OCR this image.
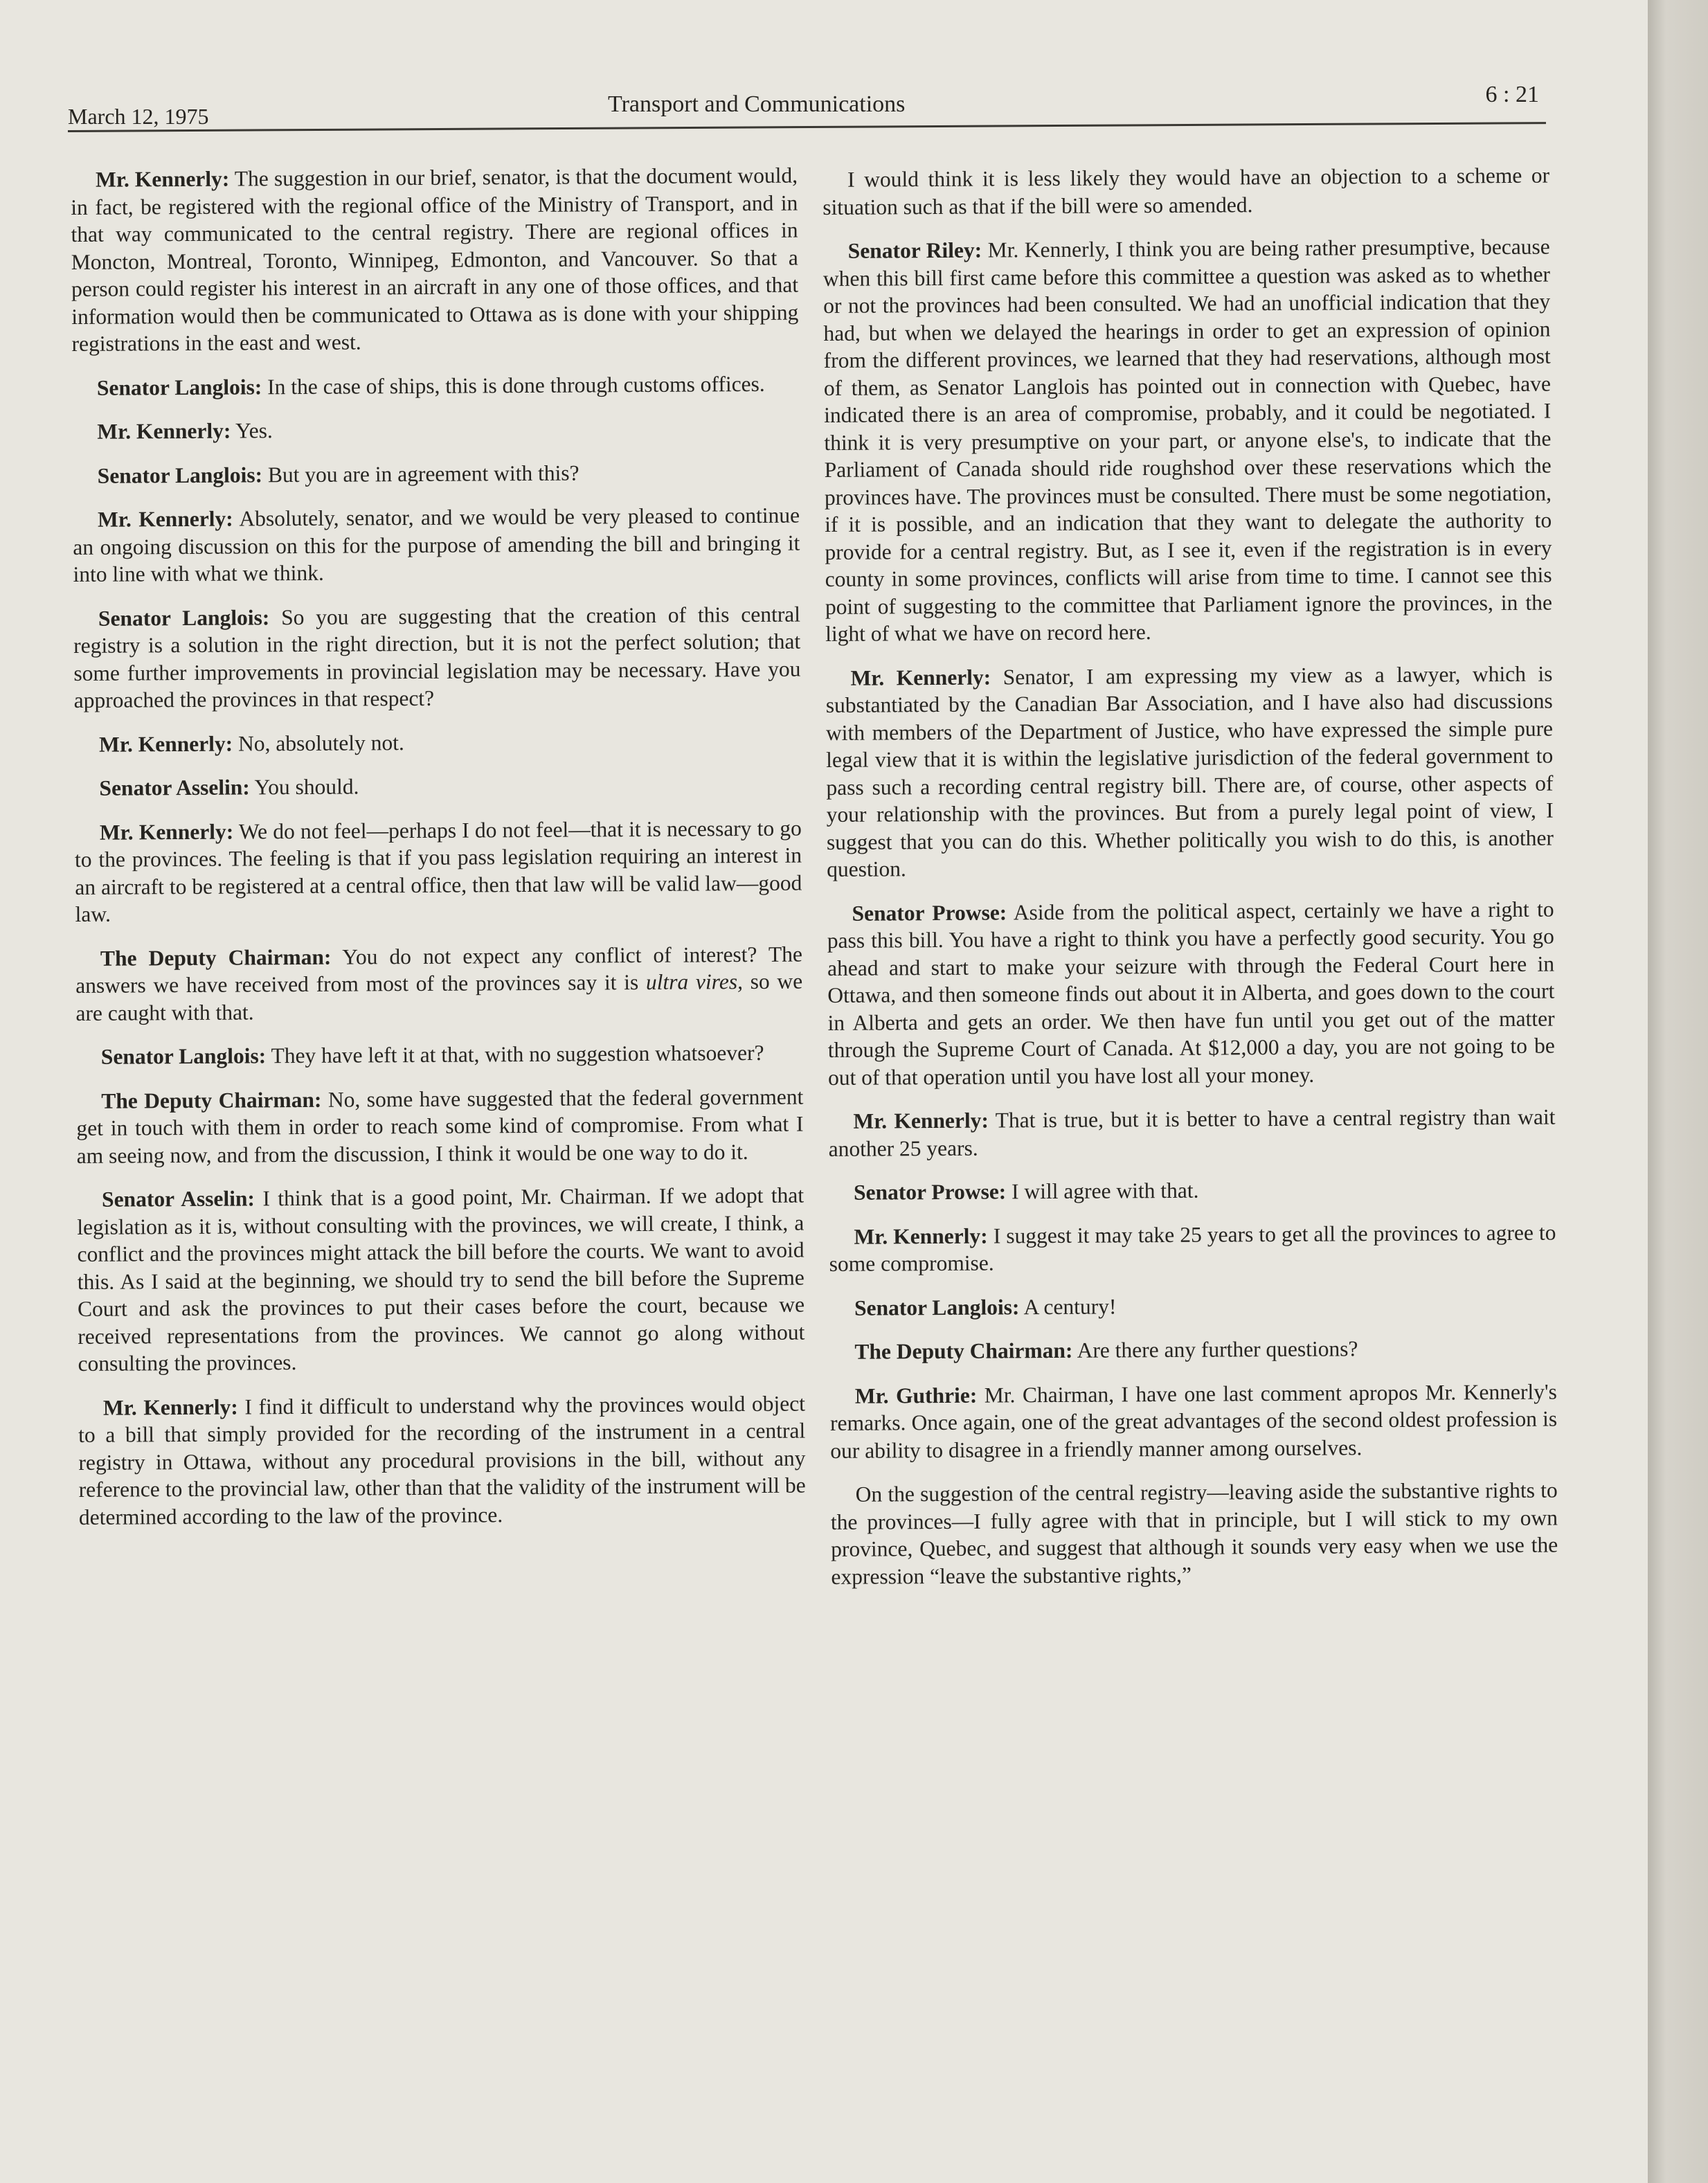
March 12, 1975	Transport and Communications	6 : 21

Mr. Kennerly : The suggestion in our brief, senator, is that the document would, in fact, be registered with the regional office of the Ministry of Transport, and in that way communicated to the central registry. There are regional offices in Moncton, Montreal, Toronto, Winnipeg, Edmonton, and Vancouver. So that a person could register his interest in an aircraft in any one of those offices, and that information would then be communicated to Ottawa as is done with your shipping registrations in the east and west.

Senator Langlois : In the case of ships, this is done through customs offices.

Mr. Kennerly : Yes.

Senator Langlois : But you are in agreement with this?

Mr. Kennerly : Absolutely, senator, and we would be very pleased to continue an ongoing discussion on this for the purpose of amending the bill and bringing it into line with what we think.

Senator Langlois : So you are suggesting that the creation of this central registry is a solution in the right direction, but it is not the perfect solution; that some further improvements in provincial legislation may be necessary. Have you approached the provinces in that respect?

Mr. Kennerly : No, absolutely not.

Senator Asselin : You should.

Mr. Kennerly : We do not feel—perhaps I do not feel—that it is necessary to go to the provinces. The feeling is that if you pass legislation requiring an interest in an aircraft to be registered at a central office, then that law will be valid law—good law.

The Deputy Chairman : You do not expect any conflict of interest? The answers we have received from most of the provinces say it is ultra vires, so we are caught with that.

Senator Langlois : They have left it at that, with no suggestion whatsoever?

The Deputy Chairman : No, some have suggested that the federal government get in touch with them in order to reach some kind of compromise. From what I am seeing now, and from the discussion, I think it would be one way to do it.

Senator Asselin : I think that is a good point, Mr. Chairman. If we adopt that legislation as it is, without consulting with the provinces, we will create, I think, a conflict and the provinces might attack the bill before the courts. We want to avoid this. As I said at the beginning, we should try to send the bill before the Supreme Court and ask the provinces to put their cases before the court, because we received representations from the provinces. We cannot go along without consulting the provinces.

Mr. Kennerly : I find it difficult to understand why the provinces would object to a bill that simply provided for the recording of the instrument in a central registry in Ottawa, without any procedural provisions in the bill, without any reference to the provincial law, other than that the validity of the instrument will be determined according to the law of the province.

I would think it is less likely they would have an objection to a scheme or situation such as that if the bill were so amended.

Senator Riley : Mr. Kennerly, I think you are being rather presumptive, because when this bill first came before this committee a question was asked as to whether or not the provinces had been consulted. We had an unofficial indication that they had, but when we delayed the hearings in order to get an expression of opinion from the different provinces, we learned that they had reservations, although most of them, as Senator Langlois has pointed out in connection with Quebec, have indicated there is an area of compromise, probably, and it could be negotiated. I think it is very presumptive on your part, or anyone else's, to indicate that the Parliament of Canada should ride roughshod over these reservations which the provinces have. The provinces must be consulted. There must be some negotiation, if it is possible, and an indication that they want to delegate the authority to provide for a central registry. But, as I see it, even if the registration is in every county in some provinces, conflicts will arise from time to time. I cannot see this point of suggesting to the committee that Parliament ignore the provinces, in the light of what we have on record here.

Mr. Kennerly : Senator, I am expressing my view as a lawyer, which is substantiated by the Canadian Bar Association, and I have also had discussions with members of the Department of Justice, who have expressed the simple pure legal view that it is within the legislative jurisdiction of the federal government to pass such a recording central registry bill. There are, of course, other aspects of your relationship with the provinces. But from a purely legal point of view, I suggest that you can do this. Whether politically you wish to do this, is another question.

Senator Prowse : Aside from the political aspect, certainly we have a right to pass this bill. You have a right to think you have a perfectly good security. You go ahead and start to make your seizure with through the Federal Court here in Ottawa, and then someone finds out about it in Alberta, and goes down to the court in Alberta and gets an order. We then have fun until you get out of the matter through the Supreme Court of Canada. At $12,000 a day, you are not going to be out of that operation until you have lost all your money.

Mr. Kennerly : That is true, but it is better to have a central registry than wait another 25 years.

Senator Prowse : I will agree with that.

Mr. Kennerly : I suggest it may take 25 years to get all the provinces to agree to some compromise.

Senator Langlois : A century!

The Deputy Chairman : Are there any further questions?

Mr. Guthrie : Mr. Chairman, I have one last comment apropos Mr. Kennerly's remarks. Once again, one of the great advantages of the second oldest profession is our ability to disagree in a friendly manner among ourselves.

On the suggestion of the central registry—leaving aside the substantive rights to the provinces—I fully agree with that in principle, but I will stick to my own province, Quebec, and suggest that although it sounds very easy when we use the expression “leave the substantive rights,”
